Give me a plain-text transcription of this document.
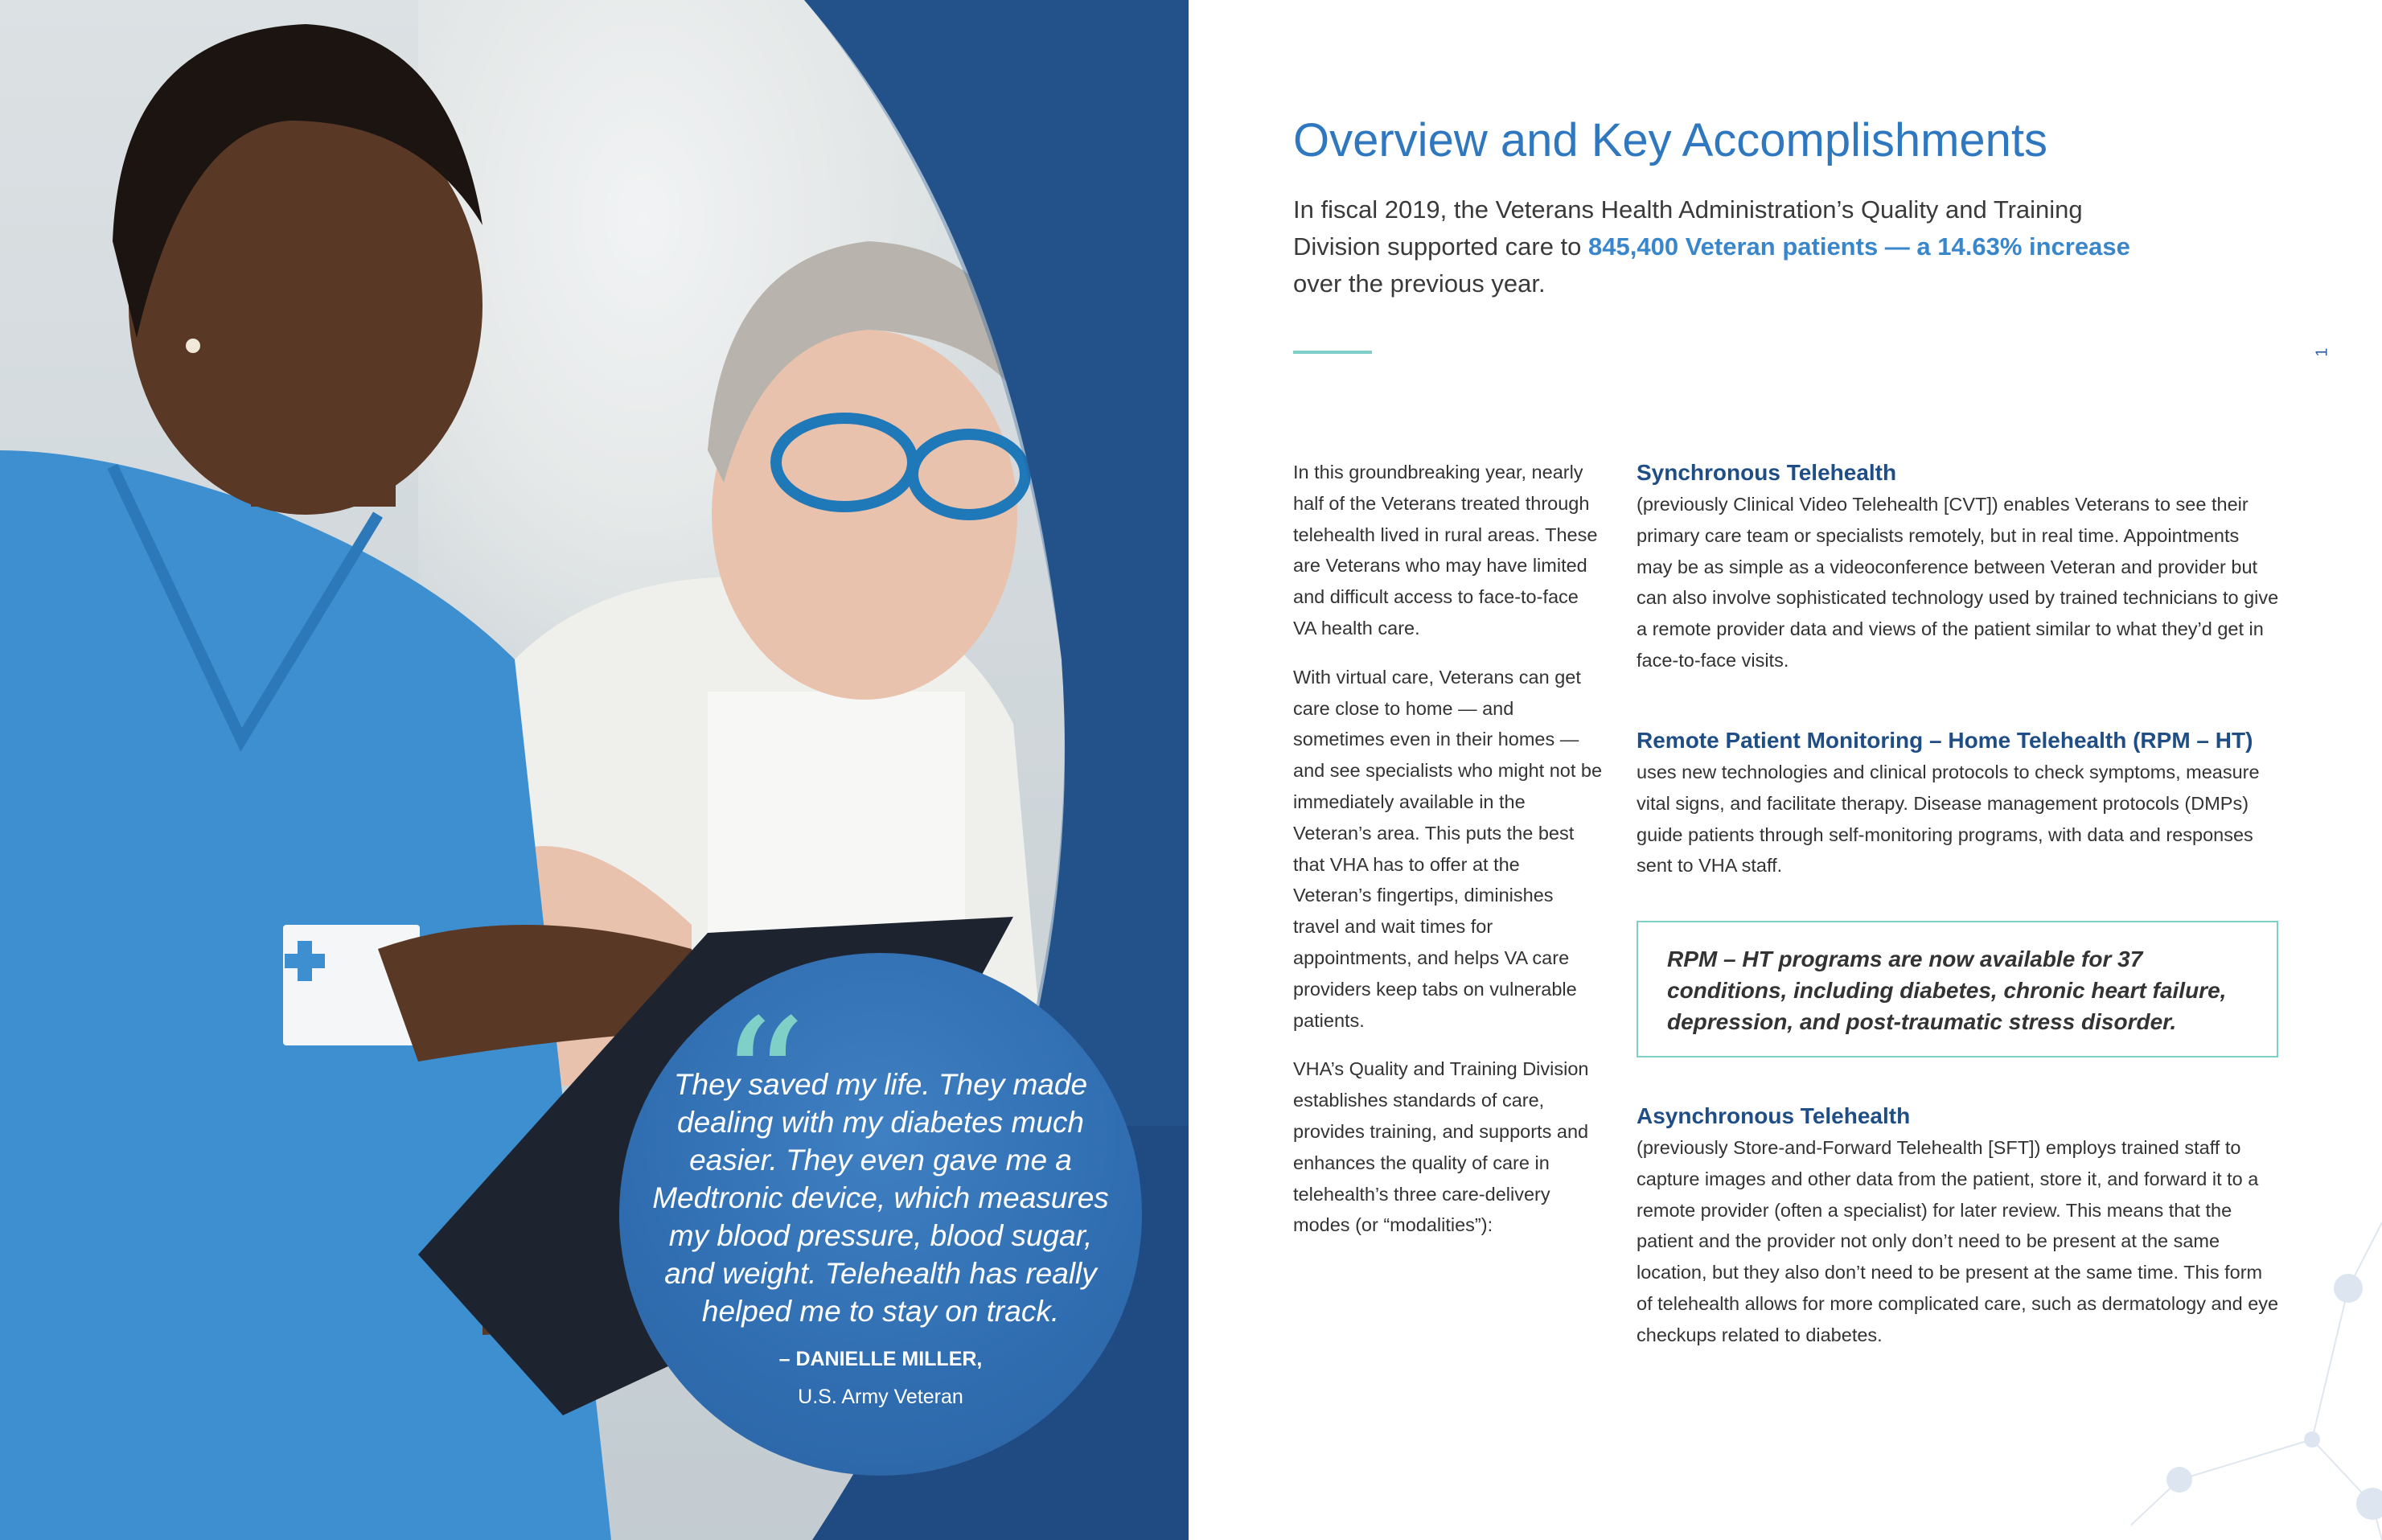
“
They saved my life. They made dealing with my diabetes much easier. They even gave me a Medtronic device, which measures my blood pressure, blood sugar, and weight. Telehealth has really helped me to stay on track.
– DANIELLE MILLER,
U.S. Army Veteran
Overview and Key Accomplishments

In fiscal 2019, the Veterans Health Administration’s Quality and Training Division supported care to 845,400 Veteran patients — a 14.63% increase over the previous year.

1

In this groundbreaking year, nearly half of the Veterans treated through telehealth lived in rural areas. These are Veterans who may have limited and difficult access to face-to-face VA health care.

With virtual care, Veterans can get care close to home — and sometimes even in their homes — and see specialists who might not be immediately available in the Veteran’s area. This puts the best that VHA has to offer at the Veteran’s fingertips, diminishes travel and wait times for appointments, and helps VA care providers keep tabs on vulnerable patients.

VHA’s Quality and Training Division establishes standards of care, provides training, and supports and enhances the quality of care in telehealth’s three care-delivery modes (or “modalities”):

Synchronous Telehealth

(previously Clinical Video Telehealth [CVT]) enables Veterans to see their primary care team or specialists remotely, but in real time. Appointments may be as simple as a videoconference between Veteran and provider but can also involve sophisticated technology used by trained technicians to give a remote provider data and views of the patient similar to what they’d get in face-to-face visits.

Remote Patient Monitoring – Home Telehealth (RPM – HT)

uses new technologies and clinical protocols to check symptoms, measure vital signs, and facilitate therapy. Disease management protocols (DMPs) guide patients through self-monitoring programs, with data and responses sent to VHA staff.

RPM – HT programs are now available for 37 conditions, including diabetes, chronic heart failure, depression, and post-traumatic stress disorder.
Asynchronous Telehealth

(previously Store-and-Forward Telehealth [SFT]) employs trained staff to capture images and other data from the patient, store it, and forward it to a remote provider (often a specialist) for later review. This means that the patient and the provider not only don’t need to be present at the same location, but they also don’t need to be present at the same time. This form of telehealth allows for more complicated care, such as dermatology and eye checkups related to diabetes.
